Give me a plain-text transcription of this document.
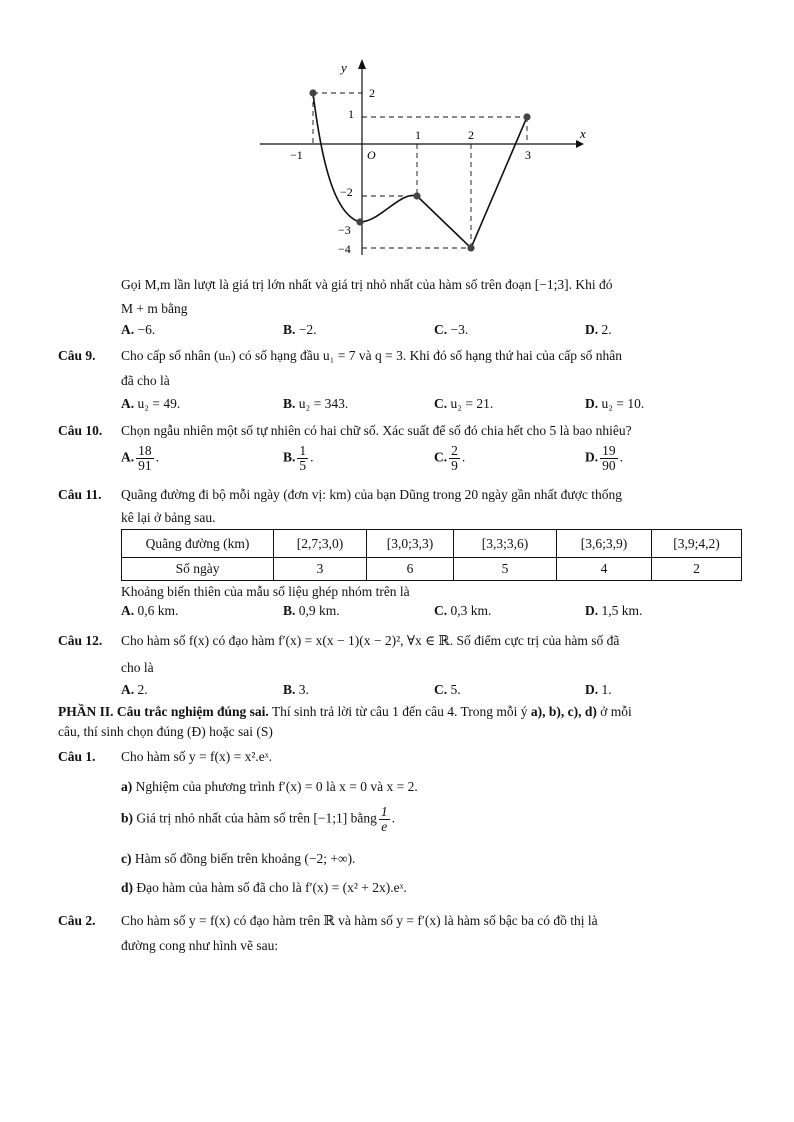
y
x
O
−1
1	2
3
2
1
−2
−3
−4
Gọi M,m lần lượt là giá trị lớn nhất và giá trị nhỏ nhất của hàm số trên đoạn [−1;3]. Khi đó
M + m bằng
A. −6.	B. −2.	C. −3.	D. 2.
Câu 9. Cho cấp số nhân (uₙ) có số hạng đầu u₁ = 7 và q = 3. Khi đó số hạng thứ hai của cấp số nhân
đã cho là
A. u₂ = 49.	B. u₂ = 343.	C. u₂ = 21.	D. u₂ = 10.
Câu 10. Chọn ngẫu nhiên một số tự nhiên có hai chữ số. Xác suất để số đó chia hết cho 5 là bao nhiêu?
A. $\frac{18}{91}$ .	B. $\frac{1}{5}$ .	C. $\frac{2}{9}$ .	D. $\frac{19}{90}$ .
Câu 11. Quãng đường đi bộ mỗi ngày (đơn vị: km) của bạn Dũng trong 20 ngày gần nhất được thống
kê lại ở bảng sau.
Quãng đường (km)	[2,7;3,0)	[3,0;3,3)	[3,3;3,6)	[3,6;3,9)	[3,9;4,2)
Số ngày	3	6	5	4	2
Khoảng biến thiên của mẫu số liệu ghép nhóm trên là
A. 0,6 km.	B. 0,9 km.	C. 0,3 km.	D. 1,5 km.
Câu 12. Cho hàm số f(x) có đạo hàm f′(x) = x(x − 1)(x − 2)², ∀x ∈ ℝ. Số điểm cực trị của hàm số đã
cho là
A. 2.	B. 3.	C. 5.	D. 1.
PHẦN II. Câu trắc nghiệm đúng sai. Thí sinh trả lời từ câu 1 đến câu 4. Trong mỗi ý a), b), c), d) ở mỗi
câu, thí sinh chọn đúng (Đ) hoặc sai (S)
Câu 1. Cho hàm số y = f(x) = x².eˣ.
a) Nghiệm của phương trình f′(x) = 0 là x = 0 và x = 2.
b) Giá trị nhỏ nhất của hàm số trên [−1;1] bằng $\frac{1}{e}$ .
c) Hàm số đồng biến trên khoảng (−2; +∞).
d) Đạo hàm của hàm số đã cho là f′(x) = (x² + 2x).eˣ.
Câu 2. Cho hàm số y = f(x) có đạo hàm trên ℝ và hàm số y = f′(x) là hàm số bậc ba có đồ thị là
đường cong như hình vẽ sau:
